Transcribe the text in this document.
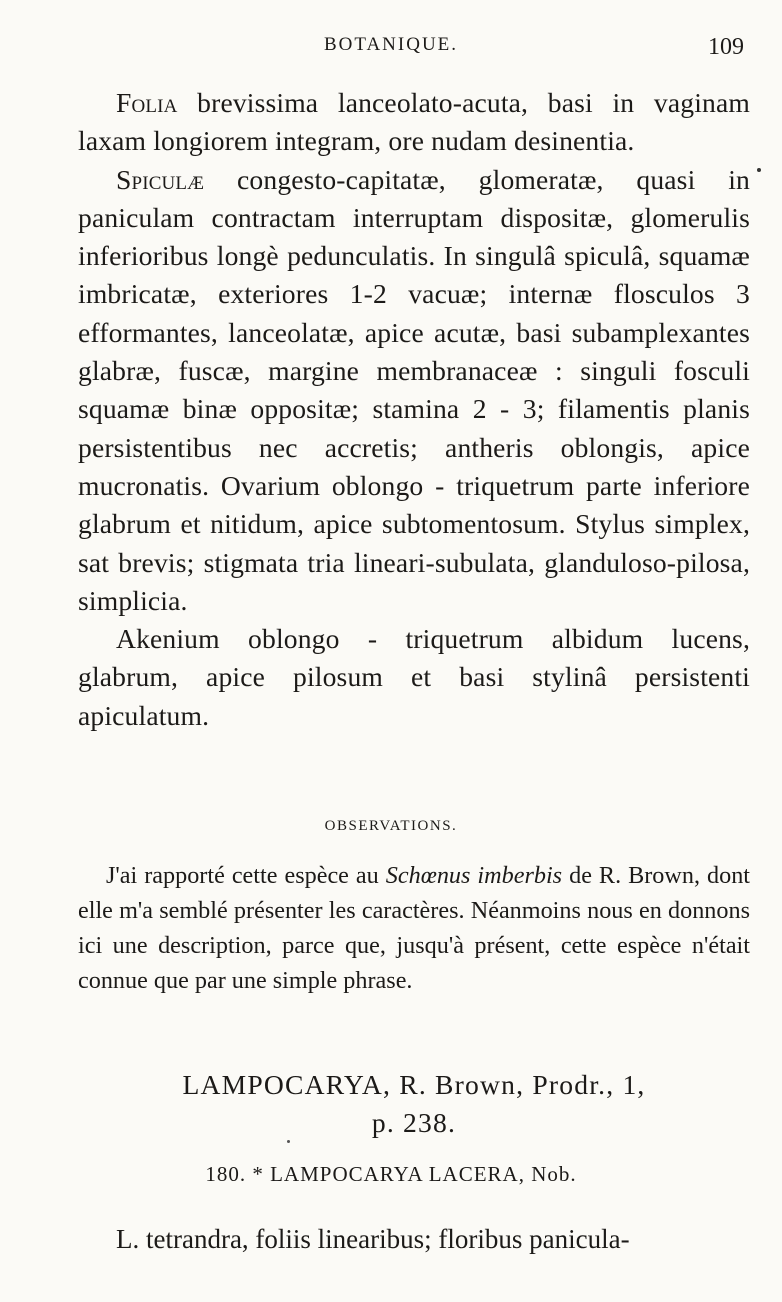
BOTANIQUE.	109

Folia brevissima lanceolato-acuta, basi in vaginam laxam longiorem integram, ore nudam desinentia.

Spiculæ congesto-capitatæ, glomeratæ, quasi in paniculam contractam interruptam dispositæ, glomerulis inferioribus longè pedunculatis. In singulâ spiculâ, squamæ imbricatæ, exteriores 1-2 vacuæ; internæ flosculos 3 efformantes, lanceolatæ, apice acutæ, basi subamplexantes glabræ, fuscæ, margine membranaceæ : singuli fosculi squamæ binæ oppositæ; stamina 2 - 3; filamentis planis persistentibus nec accretis; antheris oblongis, apice mucronatis. Ovarium oblongo - triquetrum parte inferiore glabrum et nitidum, apice subtomentosum. Stylus simplex, sat brevis; stigmata tria lineari-subulata, glanduloso-pilosa, simplicia.

Akenium oblongo - triquetrum albidum lucens, glabrum, apice pilosum et basi stylinâ persistenti apiculatum.

OBSERVATIONS.

J'ai rapporté cette espèce au Schœnus imberbis de R. Brown, dont elle m'a semblé présenter les caractères. Néanmoins nous en donnons ici une description, parce que, jusqu'à présent, cette espèce n'était connue que par une simple phrase.

LAMPOCARYA, R. Brown, Prodr., 1,
p. 238.
180. * LAMPOCARYA LACERA, Nob.

L. tetrandra, foliis linearibus; floribus panicula-
